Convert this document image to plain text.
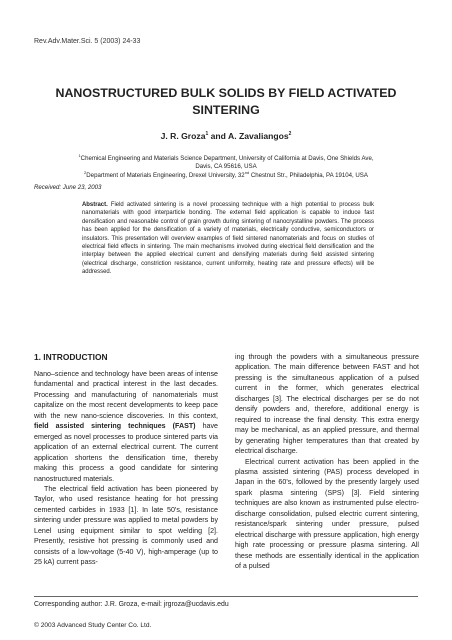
Rev.Adv.Mater.Sci. 5 (2003) 24-33
NANOSTRUCTURED BULK SOLIDS BY FIELD ACTIVATED
SINTERING
J. R. Groza$^1$ and A. Zavaliangos$^2$
$^1$Chemical Engineering and Materials Science Department, University of California at Davis, One Shields Ave,
Davis, CA 95616, USA
$^2$Department of Materials Engineering, Drexel University, 32nd Chestnut Str., Philadelphia, PA 19104, USA
Received: June 23, 2003
Abstract. Field activated sintering is a novel processing technique with a high potential to process bulk nanomaterials with good interparticle bonding. The external field application is capable to induce fast densification and reasonable control of grain growth during sintering of nanocrystalline powders. The process has been applied for the densification of a variety of materials, electrically conductive, semiconductors or insulators. This presentation will overview examples of field sintered nanomaterials and focus on studies of electrical field effects in sintering. The main mechanisms involved during electrical field densification and the interplay between the applied electrical current and densifying materials during field assisted sintering (electrical discharge, constriction resistance, current uniformity, heating rate and pressure effects) will be addressed.
1. INTRODUCTION

Nano–science and technology have been areas of intense fundamental and practical interest in the last decades. Processing and manufacturing of nanomaterials must capitalize on the most recent developments to keep pace with the new nano-science discoveries. In this context, field assisted sintering techniques (FAST) have emerged as novel processes to produce sintered parts via application of an external electrical current. The current application shortens the densification time, thereby making this process a good candidate for sintering nanostructured materials.

The electrical field activation has been pioneered by Taylor, who used resistance heating for hot pressing cemented carbides in 1933 [1]. In late 50’s, resistance sintering under pressure was applied to metal powders by Lenel using equipment similar to spot welding [2]. Presently, resistive hot pressing is commonly used and consists of a low-voltage (5-40 V), high-amperage (up to 25 kA) current pass-

ing through the powders with a simultaneous pressure application. The main difference between FAST and hot pressing is the simultaneous application of a pulsed current in the former, which generates electrical discharges [3]. The electrical discharges per se do not densify powders and, therefore, additional energy is required to increase the final density. This extra energy may be mechanical, as an applied pressure, and thermal by generating higher temperatures than that created by electrical discharge.

Electrical current activation has been applied in the plasma assisted sintering (PAS) process developed in Japan in the 60’s, followed by the presently largely used spark plasma sintering (SPS) [3]. Field sintering techniques are also known as instrumented pulse electro-discharge consolidation, pulsed electric current sintering, resistance/spark sintering under pressure, pulsed electrical discharge with pressure application, high energy high rate processing or pressure plasma sintering. All these methods are essentially identical in the application of a pulsed

Corresponding author: J.R. Groza, e-mail: jrgroza@ucdavis.edu
© 2003 Advanced Study Center Co. Ltd.
